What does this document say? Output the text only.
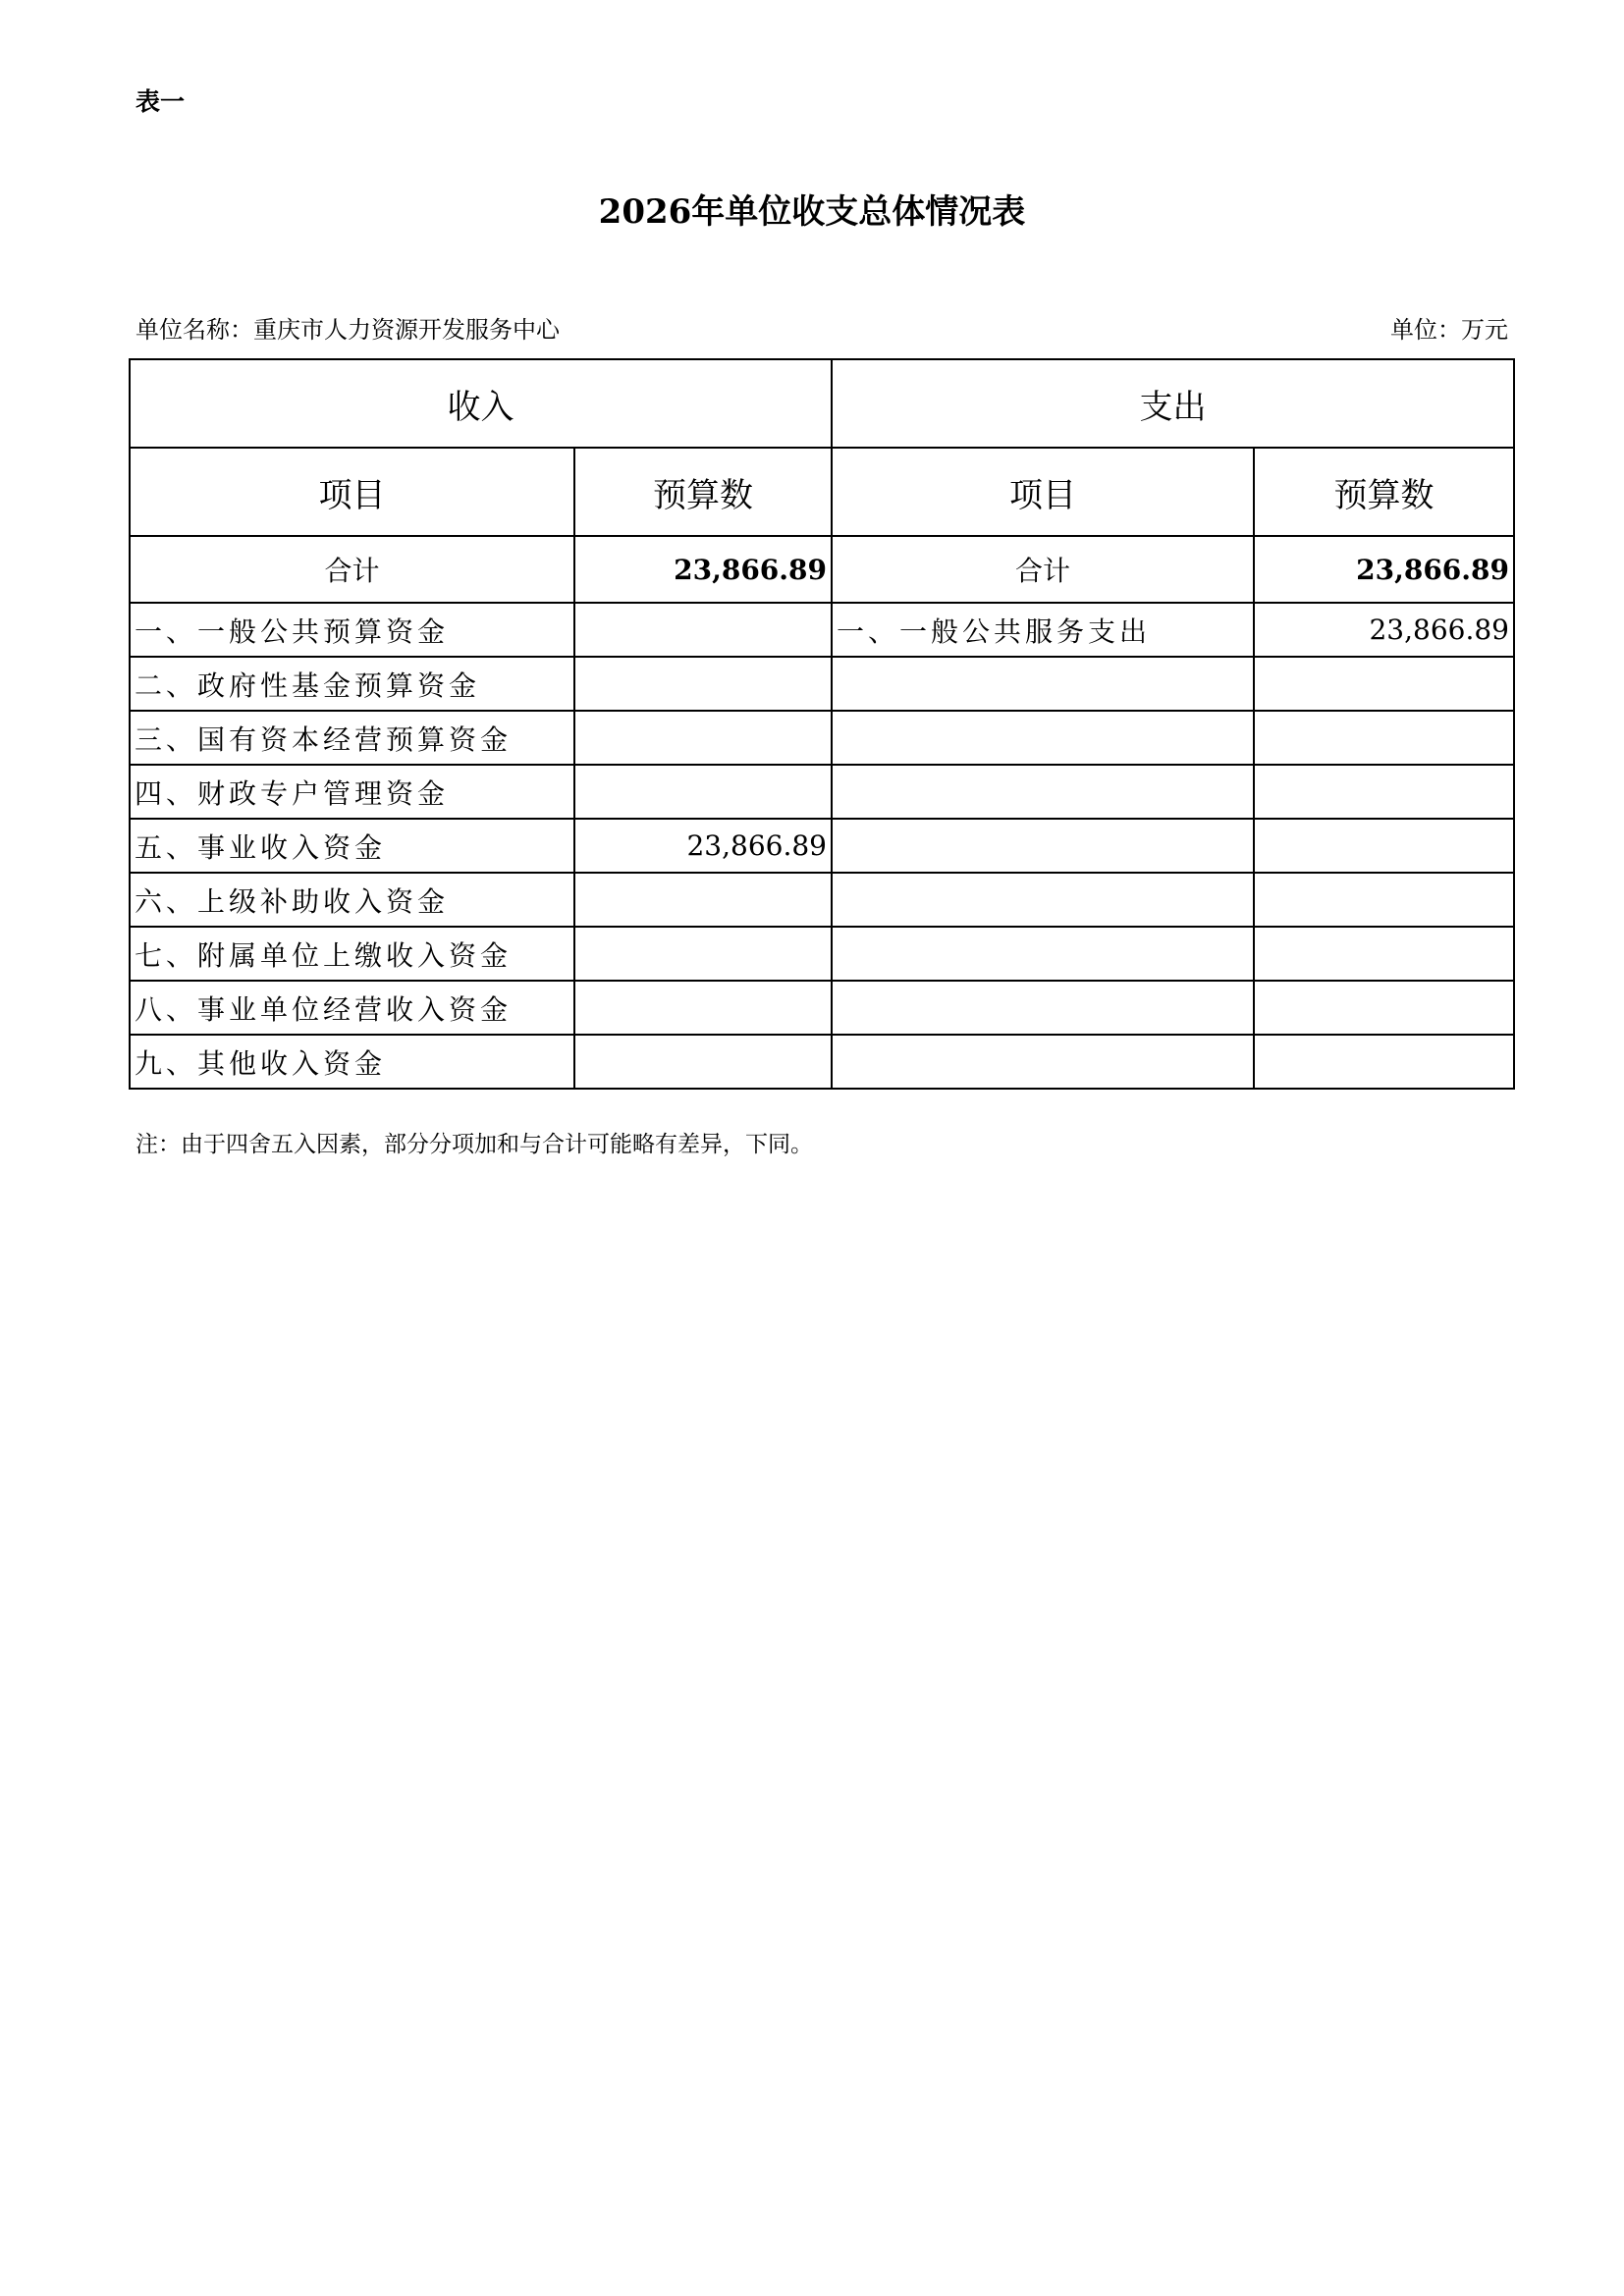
表一
2026年单位收支总体情况表
单位名称：重庆市人力资源开发服务中心	单位：万元
收入		支出	
项目	预算数	项目	预算数
合计	23,866.89	合计	23,866.89
一、一般公共预算资金		一、一般公共服务支出	23,866.89
二、政府性基金预算资金			
三、国有资本经营预算资金			
四、财政专户管理资金			
五、事业收入资金	23,866.89		
六、上级补助收入资金			
七、附属单位上缴收入资金			
八、事业单位经营收入资金			
九、其他收入资金			
注：由于四舍五入因素，部分分项加和与合计可能略有差异，下同。
